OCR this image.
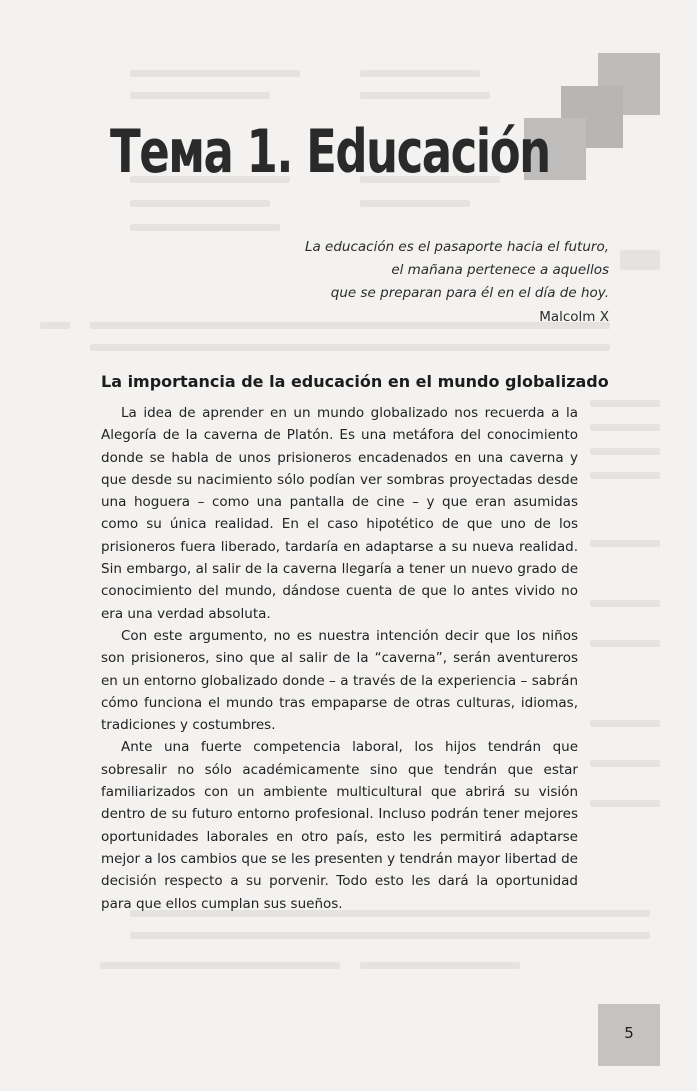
Тема 1. Educación
La educación es el pasaporte hacia el futuro,
el mañana pertenece a aquellos
que se preparan para él en el día de hoy.
Malcolm X
La importancia de la educación en el mundo globalizado

La idea de aprender en un mundo globalizado nos recuerda a la Alegoría de la caverna de Platón. Es una metáfora del conocimiento donde se habla de unos prisioneros encadenados en una caverna y que desde su nacimiento sólo podían ver sombras proyectadas desde una hoguera – como una pantalla de cine – y que eran asumidas como su única realidad. En el caso hipotético de que uno de los prisioneros fuera liberado, tardaría en adaptarse a su nueva realidad. Sin embargo, al salir de la caverna llegaría a tener un nuevo grado de conocimiento del mundo, dándose cuenta de que lo antes vivido no era una verdad absoluta.

Con este argumento, no es nuestra intención decir que los niños son prisioneros, sino que al salir de la “caverna”, serán aventureros en un entorno globalizado donde – a través de la experiencia – sabrán cómo funciona el mundo tras empaparse de otras culturas, idiomas, tradiciones y costumbres.

Ante una fuerte competencia laboral, los hijos tendrán que sobresalir no sólo académicamente sino que tendrán que estar familiarizados con un ambiente multicultural que abrirá su visión dentro de su futuro entorno profesional. Incluso podrán tener mejores oportunidades laborales en otro país, esto les permitirá adaptarse mejor a los cambios que se les presenten y tendrán mayor libertad de decisión respecto a su porvenir. Todo esto les dará la oportunidad para que ellos cumplan sus sueños.

5
